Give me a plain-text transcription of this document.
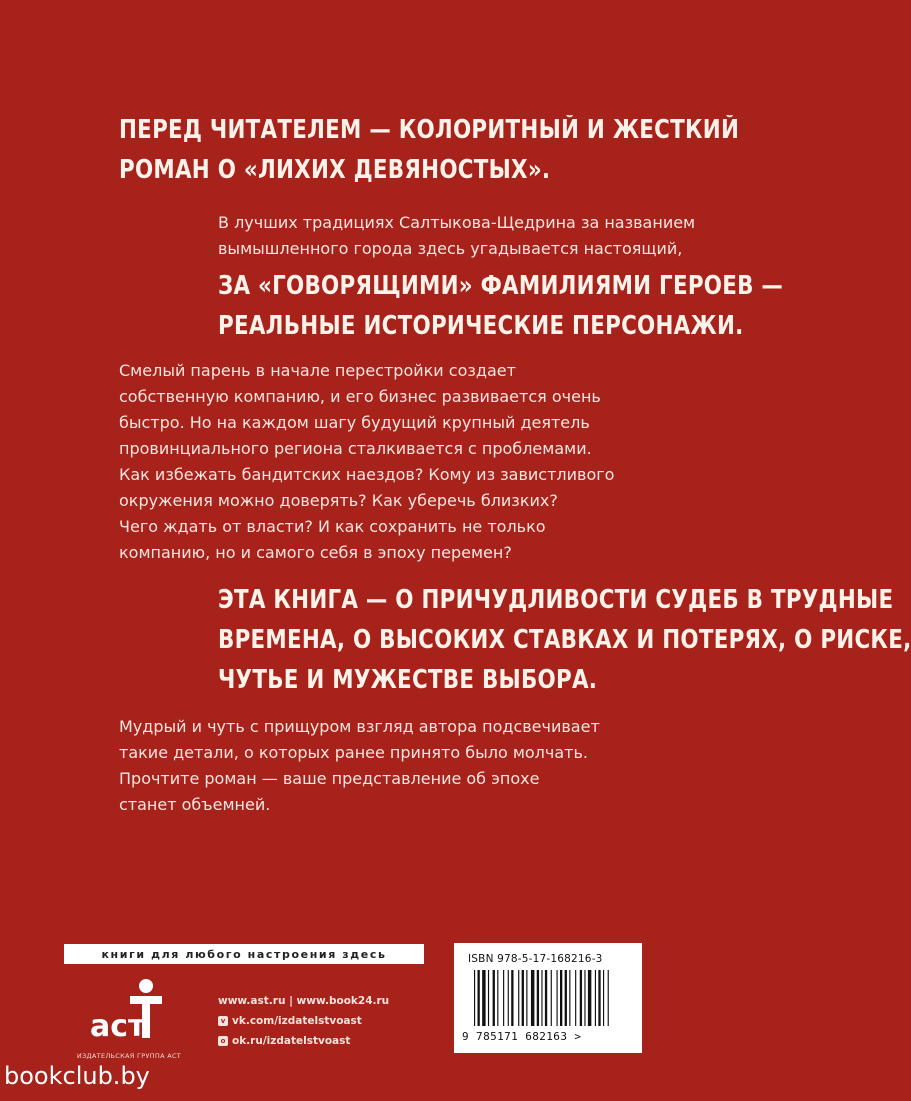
ПЕРЕД ЧИТАТЕЛЕМ — КОЛОРИТНЫЙ И ЖЕСТКИЙ
РОМАН О «ЛИХИХ ДЕВЯНОСТЫХ».
В лучших традициях Салтыкова-Щедрина за названием
вымышленного города здесь угадывается настоящий,
ЗА «ГОВОРЯЩИМИ» ФАМИЛИЯМИ ГЕРОЕВ —
РЕАЛЬНЫЕ ИСТОРИЧЕСКИЕ ПЕРСОНАЖИ.
Смелый парень в начале перестройки создает
собственную компанию, и его бизнес развивается очень
быстро. Но на каждом шагу будущий крупный деятель
провинциального региона сталкивается с проблемами.
Как избежать бандитских наездов? Кому из завистливого
окружения можно доверять? Как уберечь близких?
Чего ждать от власти? И как сохранить не только
компанию, но и самого себя в эпоху перемен?
ЭТА КНИГА — О ПРИЧУДЛИВОСТИ СУДЕБ В ТРУДНЫЕ
ВРЕМЕНА, О ВЫСОКИХ СТАВКАХ И ПОТЕРЯХ, О РИСКЕ,
ЧУТЬЕ И МУЖЕСТВЕ ВЫБОРА.
Мудрый и чуть с прищуром взгляд автора подсвечивает
такие детали, о которых ранее принято было молчать.
Прочтите роман — ваше представление об эпохе
станет объемней.
книги для любого настроения здесь
аст
ИЗДАТЕЛЬСКАЯ ГРУППА АСТ
www.ast.ru | www.book24.ru
v vk.com/izdatelstvoast
o ok.ru/izdatelstvoast
ISBN 978-5-17-168216-3
9 785171 682163 >
bookclub.by
